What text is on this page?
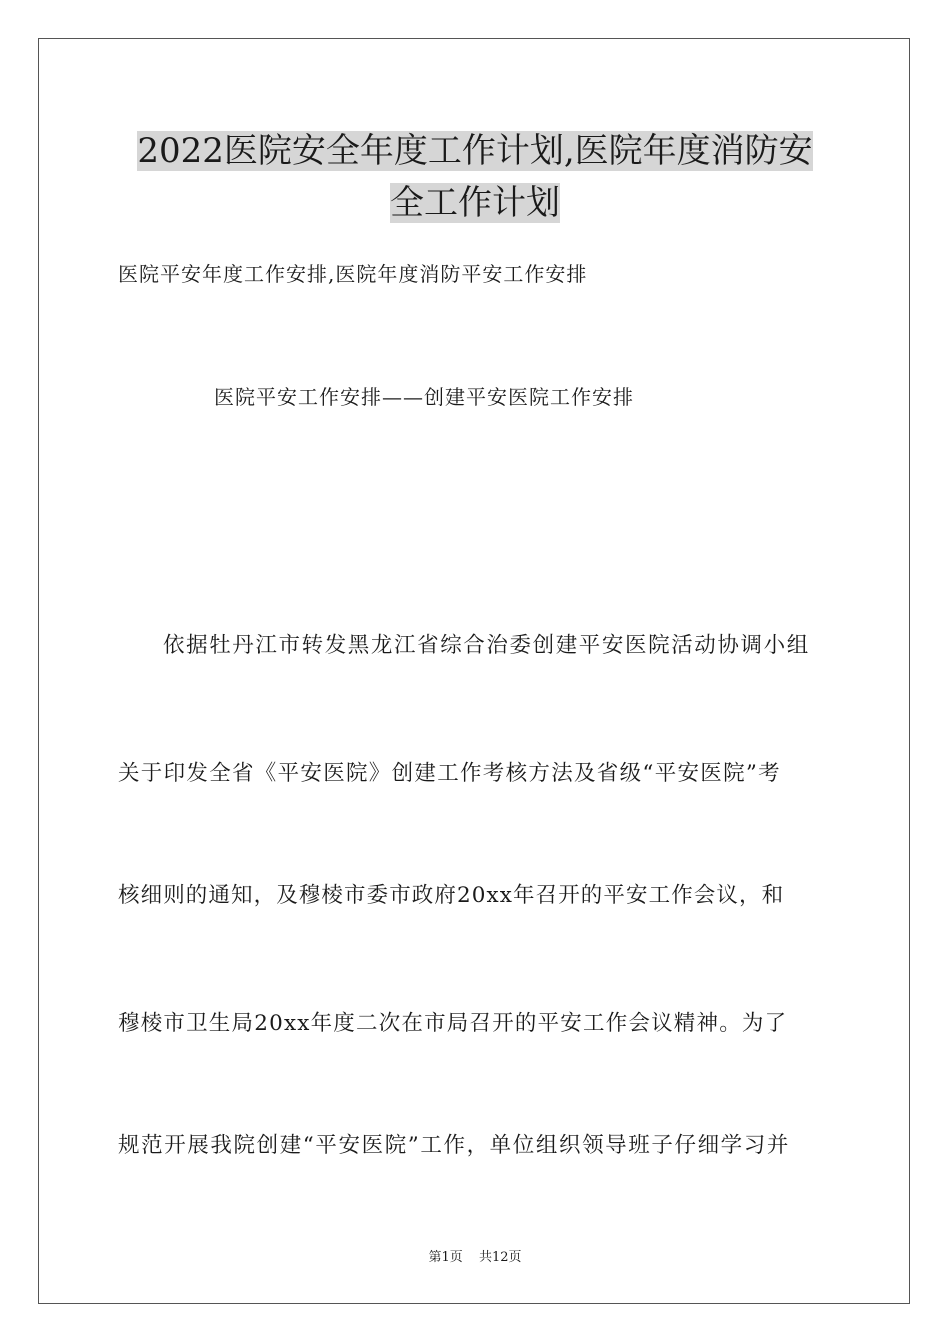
2022医院安全年度工作计划,医院年度消防安
全工作计划
医院平安年度工作安排,医院年度消防平安工作安排
医院平安工作安排——创建平安医院工作安排
依据牡丹江市转发黑龙江省综合治委创建平安医院活动协调小组
关于印发全省《平安医院》创建工作考核方法及省级“平安医院”考
核细则的通知，及穆棱市委市政府20xx年召开的平安工作会议，和
穆棱市卫生局20xx年度二次在市局召开的平安工作会议精神。为了
规范开展我院创建“平安医院”工作，单位组织领导班子仔细学习并
第1页 共12页
